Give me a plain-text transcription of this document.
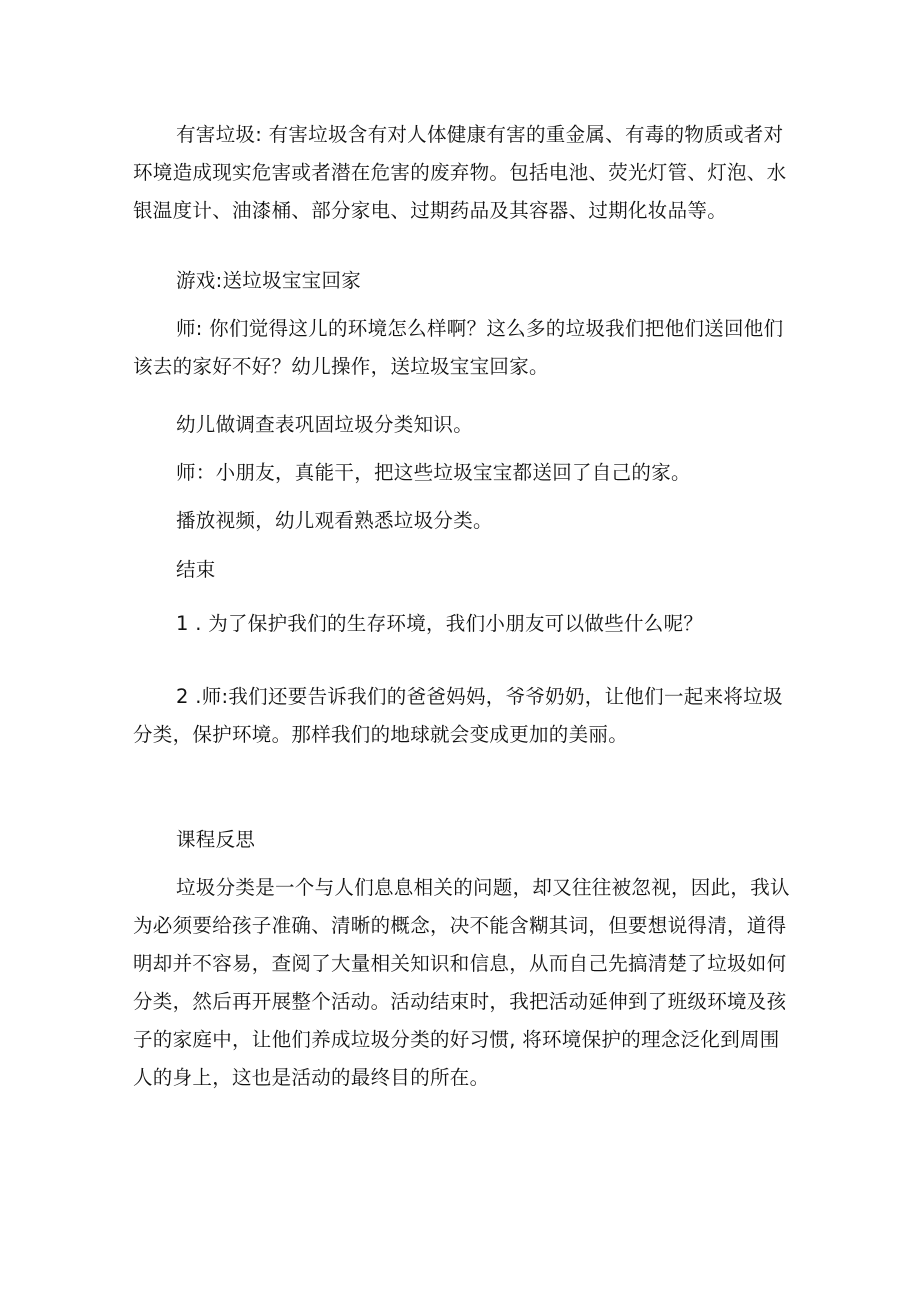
有害垃圾: 有害垃圾含有对人体健康有害的重金属、有毒的物质或者对环境造成现实危害或者潜在危害的废弃物。包括电池、荧光灯管、灯泡、水银温度计、油漆桶、部分家电、过期药品及其容器、过期化妆品等。

游戏:送垃圾宝宝回家

师: 你们觉得这儿的环境怎么样啊？这么多的垃圾我们把他们送回他们该去的家好不好？幼儿操作，送垃圾宝宝回家。

幼儿做调查表巩固垃圾分类知识。

师：小朋友，真能干，把这些垃圾宝宝都送回了自己的家。

播放视频，幼儿观看熟悉垃圾分类。

结束

1 . 为了保护我们的生存环境，我们小朋友可以做些什么呢？

2 .师:我们还要告诉我们的爸爸妈妈，爷爷奶奶，让他们一起来将垃圾分类，保护环境。那样我们的地球就会变成更加的美丽。

课程反思

垃圾分类是一个与人们息息相关的问题，却又往往被忽视，因此，我认为必须要给孩子准确、清晰的概念，决不能含糊其词，但要想说得清，道得明却并不容易，查阅了大量相关知识和信息，从而自己先搞清楚了垃圾如何分类，然后再开展整个活动。活动结束时，我把活动延伸到了班级环境及孩子的家庭中，让他们养成垃圾分类的好习惯, 将环境保护的理念泛化到周围人的身上，这也是活动的最终目的所在。
